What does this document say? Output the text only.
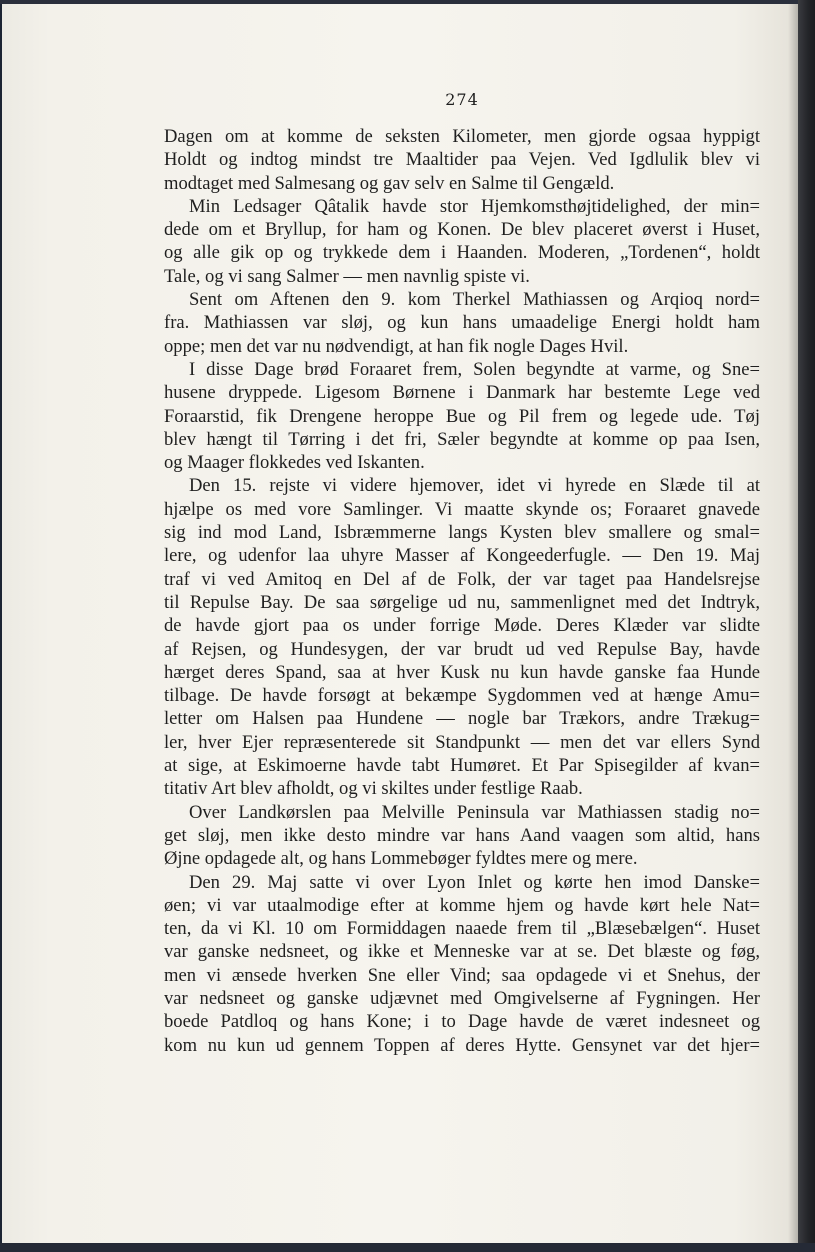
274
Dagen om at komme de seksten Kilometer, men gjorde ogsaa hyppigt
Holdt og indtog mindst tre Maaltider paa Vejen. Ved Igdlulik blev vi
modtaget med Salmesang og gav selv en Salme til Gengæld.
Min Ledsager Qâtalik havde stor Hjemkomsthøjtidelighed, der min=
dede om et Bryllup, for ham og Konen. De blev placeret øverst i Huset,
og alle gik op og trykkede dem i Haanden. Moderen, „Tordenen“, holdt
Tale, og vi sang Salmer — men navnlig spiste vi.
Sent om Aftenen den 9. kom Therkel Mathiassen og Arqioq nord=
fra. Mathiassen var sløj, og kun hans umaadelige Energi holdt ham
oppe; men det var nu nødvendigt, at han fik nogle Dages Hvil.
I disse Dage brød Foraaret frem, Solen begyndte at varme, og Sne=
husene dryppede. Ligesom Børnene i Danmark har bestemte Lege ved
Foraarstid, fik Drengene heroppe Bue og Pil frem og legede ude. Tøj
blev hængt til Tørring i det fri, Sæler begyndte at komme op paa Isen,
og Maager flokkedes ved Iskanten.
Den 15. rejste vi videre hjemover, idet vi hyrede en Slæde til at
hjælpe os med vore Samlinger. Vi maatte skynde os; Foraaret gnavede
sig ind mod Land, Isbræmmerne langs Kysten blev smallere og smal=
lere, og udenfor laa uhyre Masser af Kongeederfugle. — Den 19. Maj
traf vi ved Amitoq en Del af de Folk, der var taget paa Handelsrejse
til Repulse Bay. De saa sørgelige ud nu, sammenlignet med det Indtryk,
de havde gjort paa os under forrige Møde. Deres Klæder var slidte
af Rejsen, og Hundesygen, der var brudt ud ved Repulse Bay, havde
hærget deres Spand, saa at hver Kusk nu kun havde ganske faa Hunde
tilbage. De havde forsøgt at bekæmpe Sygdommen ved at hænge Amu=
letter om Halsen paa Hundene — nogle bar Trækors, andre Trækug=
ler, hver Ejer repræsenterede sit Standpunkt — men det var ellers Synd
at sige, at Eskimoerne havde tabt Humøret. Et Par Spisegilder af kvan=
titativ Art blev afholdt, og vi skiltes under festlige Raab.
Over Landkørslen paa Melville Peninsula var Mathiassen stadig no=
get sløj, men ikke desto mindre var hans Aand vaagen som altid, hans
Øjne opdagede alt, og hans Lommebøger fyldtes mere og mere.
Den 29. Maj satte vi over Lyon Inlet og kørte hen imod Danske=
øen; vi var utaalmodige efter at komme hjem og havde kørt hele Nat=
ten, da vi Kl. 10 om Formiddagen naaede frem til „Blæsebælgen“. Huset
var ganske nedsneet, og ikke et Menneske var at se. Det blæste og føg,
men vi ænsede hverken Sne eller Vind; saa opdagede vi et Snehus, der
var nedsneet og ganske udjævnet med Omgivelserne af Fygningen. Her
boede Patdloq og hans Kone; i to Dage havde de været indesneet og
kom nu kun ud gennem Toppen af deres Hytte. Gensynet var det hjer=
